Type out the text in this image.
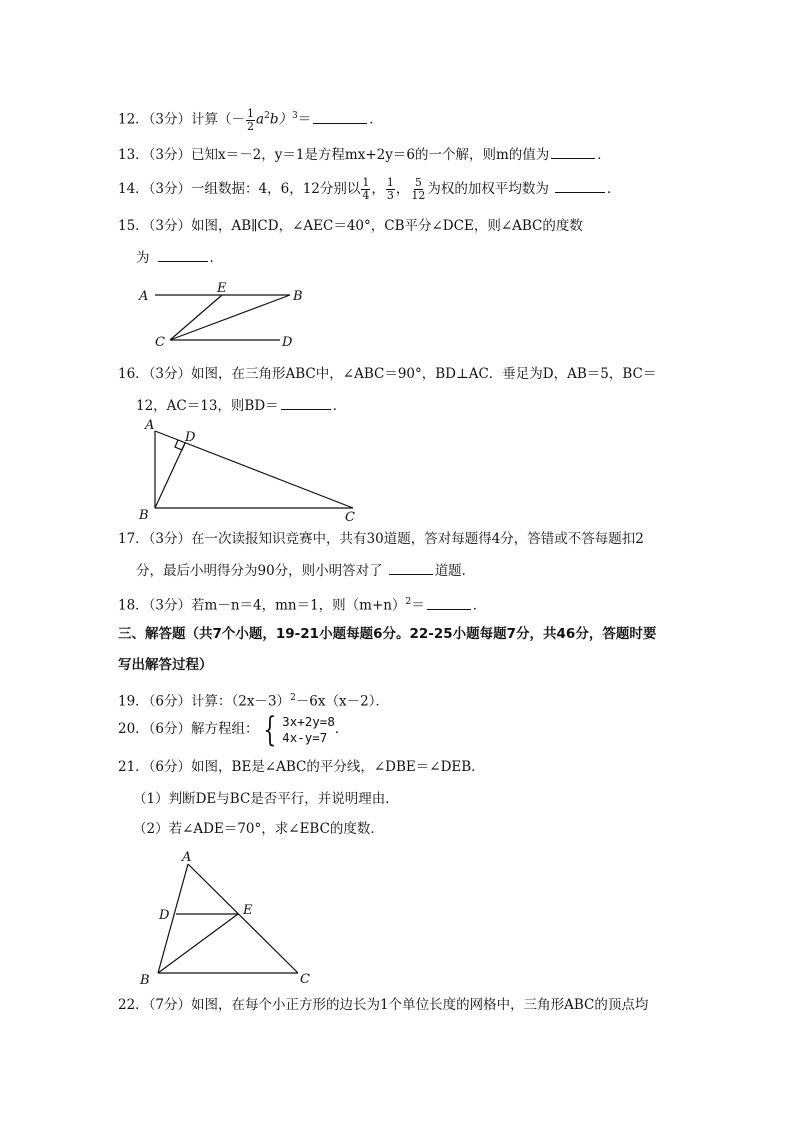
12．（3分）计算（－ $\frac{1}{2} a^2b)^3=$	．
13．（3分）已知x＝－2，y＝1是方程mx+2y＝6的一个解，则m的值为	．
14．（3分）一组数据：4，6，12分别以 $\frac{1}{4}$ ， $\frac{1}{3}$ ， $\frac{5}{12}$ 为权的加权平均数为	．
15．（3分）如图，AB∥CD，∠AEC＝40°，CB平分∠DCE，则∠ABC的度数
为	．
A
E
B
C	D
16．（3分）如图，在三角形ABC中，∠ABC＝90°，BD⊥AC．垂足为D，AB＝5，BC＝
12，AC＝13，则BD＝	．
A
D
B	C
17．（3分）在一次读报知识竞赛中，共有30道题，答对每题得4分，答错或不答每题扣2
分，最后小明得分为90分，则小明答对了	道题．
18．（3分）若m－n＝4，mn＝1，则$(m+n)^2=$	．
三、解答题（共7个小题，19-21小题每题6分。22-25小题每题7分，共46分，答题时要
写出解答过程）
19．（6分）计算：$(2x-3)^2-6x(x-2)$．
20．（6分）解方程组： { 3x+2y=8
4x-y=7 ．
21．（6分）如图，BE是∠ABC的平分线，∠DBE＝∠DEB．
（1）判断DE与BC是否平行，并说明理由．
（2）若∠ADE＝70°，求∠EBC的度数．
A
D	E
B	C
22．（7分）如图，在每个小正方形的边长为1个单位长度的网格中，三角形ABC的顶点均
